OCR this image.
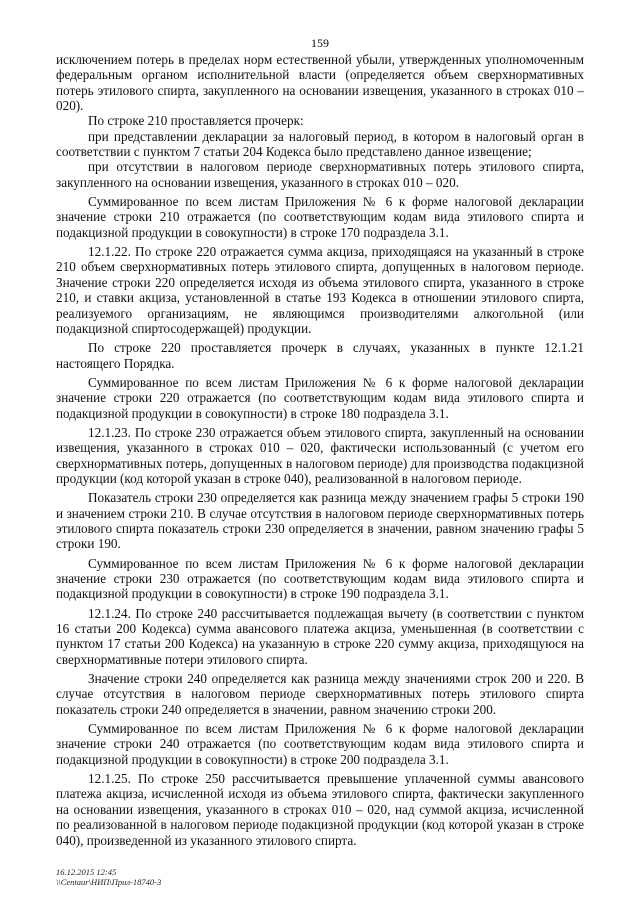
159

исключением потерь в пределах норм естественной убыли, утвержденных уполномоченным федеральным органом исполнительной власти (определяется объем сверхнормативных потерь этилового спирта, закупленного на основании извещения, указанного в строках 010 – 020).

По строке 210 проставляется прочерк:

при представлении декларации за налоговый период, в котором в налоговый орган в соответствии с пунктом 7 статьи 204 Кодекса было представлено данное извещение;

при отсутствии в налоговом периоде сверхнормативных потерь этилового спирта, закупленного на основании извещения, указанного в строках 010 – 020.

Суммированное по всем листам Приложения № 6 к форме налоговой декларации значение строки 210 отражается (по соответствующим кодам вида этилового спирта и подакцизной продукции в совокупности) в строке 170 подраздела 3.1.

12.1.22. По строке 220 отражается сумма акциза, приходящаяся на указанный в строке 210 объем сверхнормативных потерь этилового спирта, допущенных в налоговом периоде. Значение строки 220 определяется исходя из объема этилового спирта, указанного в строке 210, и ставки акциза, установленной в статье 193 Кодекса в отношении этилового спирта, реализуемого организациям, не являющимся производителями алкогольной (или подакцизной спиртосодержащей) продукции.

По строке 220 проставляется прочерк в случаях, указанных в пункте 12.1.21 настоящего Порядка.

Суммированное по всем листам Приложения № 6 к форме налоговой декларации значение строки 220 отражается (по соответствующим кодам вида этилового спирта и подакцизной продукции в совокупности) в строке 180 подраздела 3.1.

12.1.23. По строке 230 отражается объем этилового спирта, закупленный на основании извещения, указанного в строках 010 – 020, фактически использованный (с учетом его сверхнормативных потерь, допущенных в налоговом периоде) для производства подакцизной продукции (код которой указан в строке 040), реализованной в налоговом периоде.

Показатель строки 230 определяется как разница между значением графы 5 строки 190 и значением строки 210. В случае отсутствия в налоговом периоде сверхнормативных потерь этилового спирта показатель строки 230 определяется в значении, равном значению графы 5 строки 190.

Суммированное по всем листам Приложения № 6 к форме налоговой декларации значение строки 230 отражается (по соответствующим кодам вида этилового спирта и подакцизной продукции в совокупности) в строке 190 подраздела 3.1.

12.1.24. По строке 240 рассчитывается подлежащая вычету (в соответствии с пунктом 16 статьи 200 Кодекса) сумма авансового платежа акциза, уменьшенная (в соответствии с пунктом 17 статьи 200 Кодекса) на указанную в строке 220 сумму акциза, приходящуюся на сверхнормативные потери этилового спирта.

Значение строки 240 определяется как разница между значениями строк 200 и 220. В случае отсутствия в налоговом периоде сверхнормативных потерь этилового спирта показатель строки 240 определяется в значении, равном значению строки 200.

Суммированное по всем листам Приложения № 6 к форме налоговой декларации значение строки 240 отражается (по соответствующим кодам вида этилового спирта и подакцизной продукции в совокупности) в строке 200 подраздела 3.1.

12.1.25. По строке 250 рассчитывается превышение уплаченной суммы авансового платежа акциза, исчисленной исходя из объема этилового спирта, фактически закупленного на основании извещения, указанного в строках 010 – 020, над суммой акциза, исчисленной по реализованной в налоговом периоде подакцизной продукции (код которой указан в строке 040), произведенной из указанного этилового спирта.

16.12.2015 12:45
\\Centaur\НИП\Прил-18740-3
